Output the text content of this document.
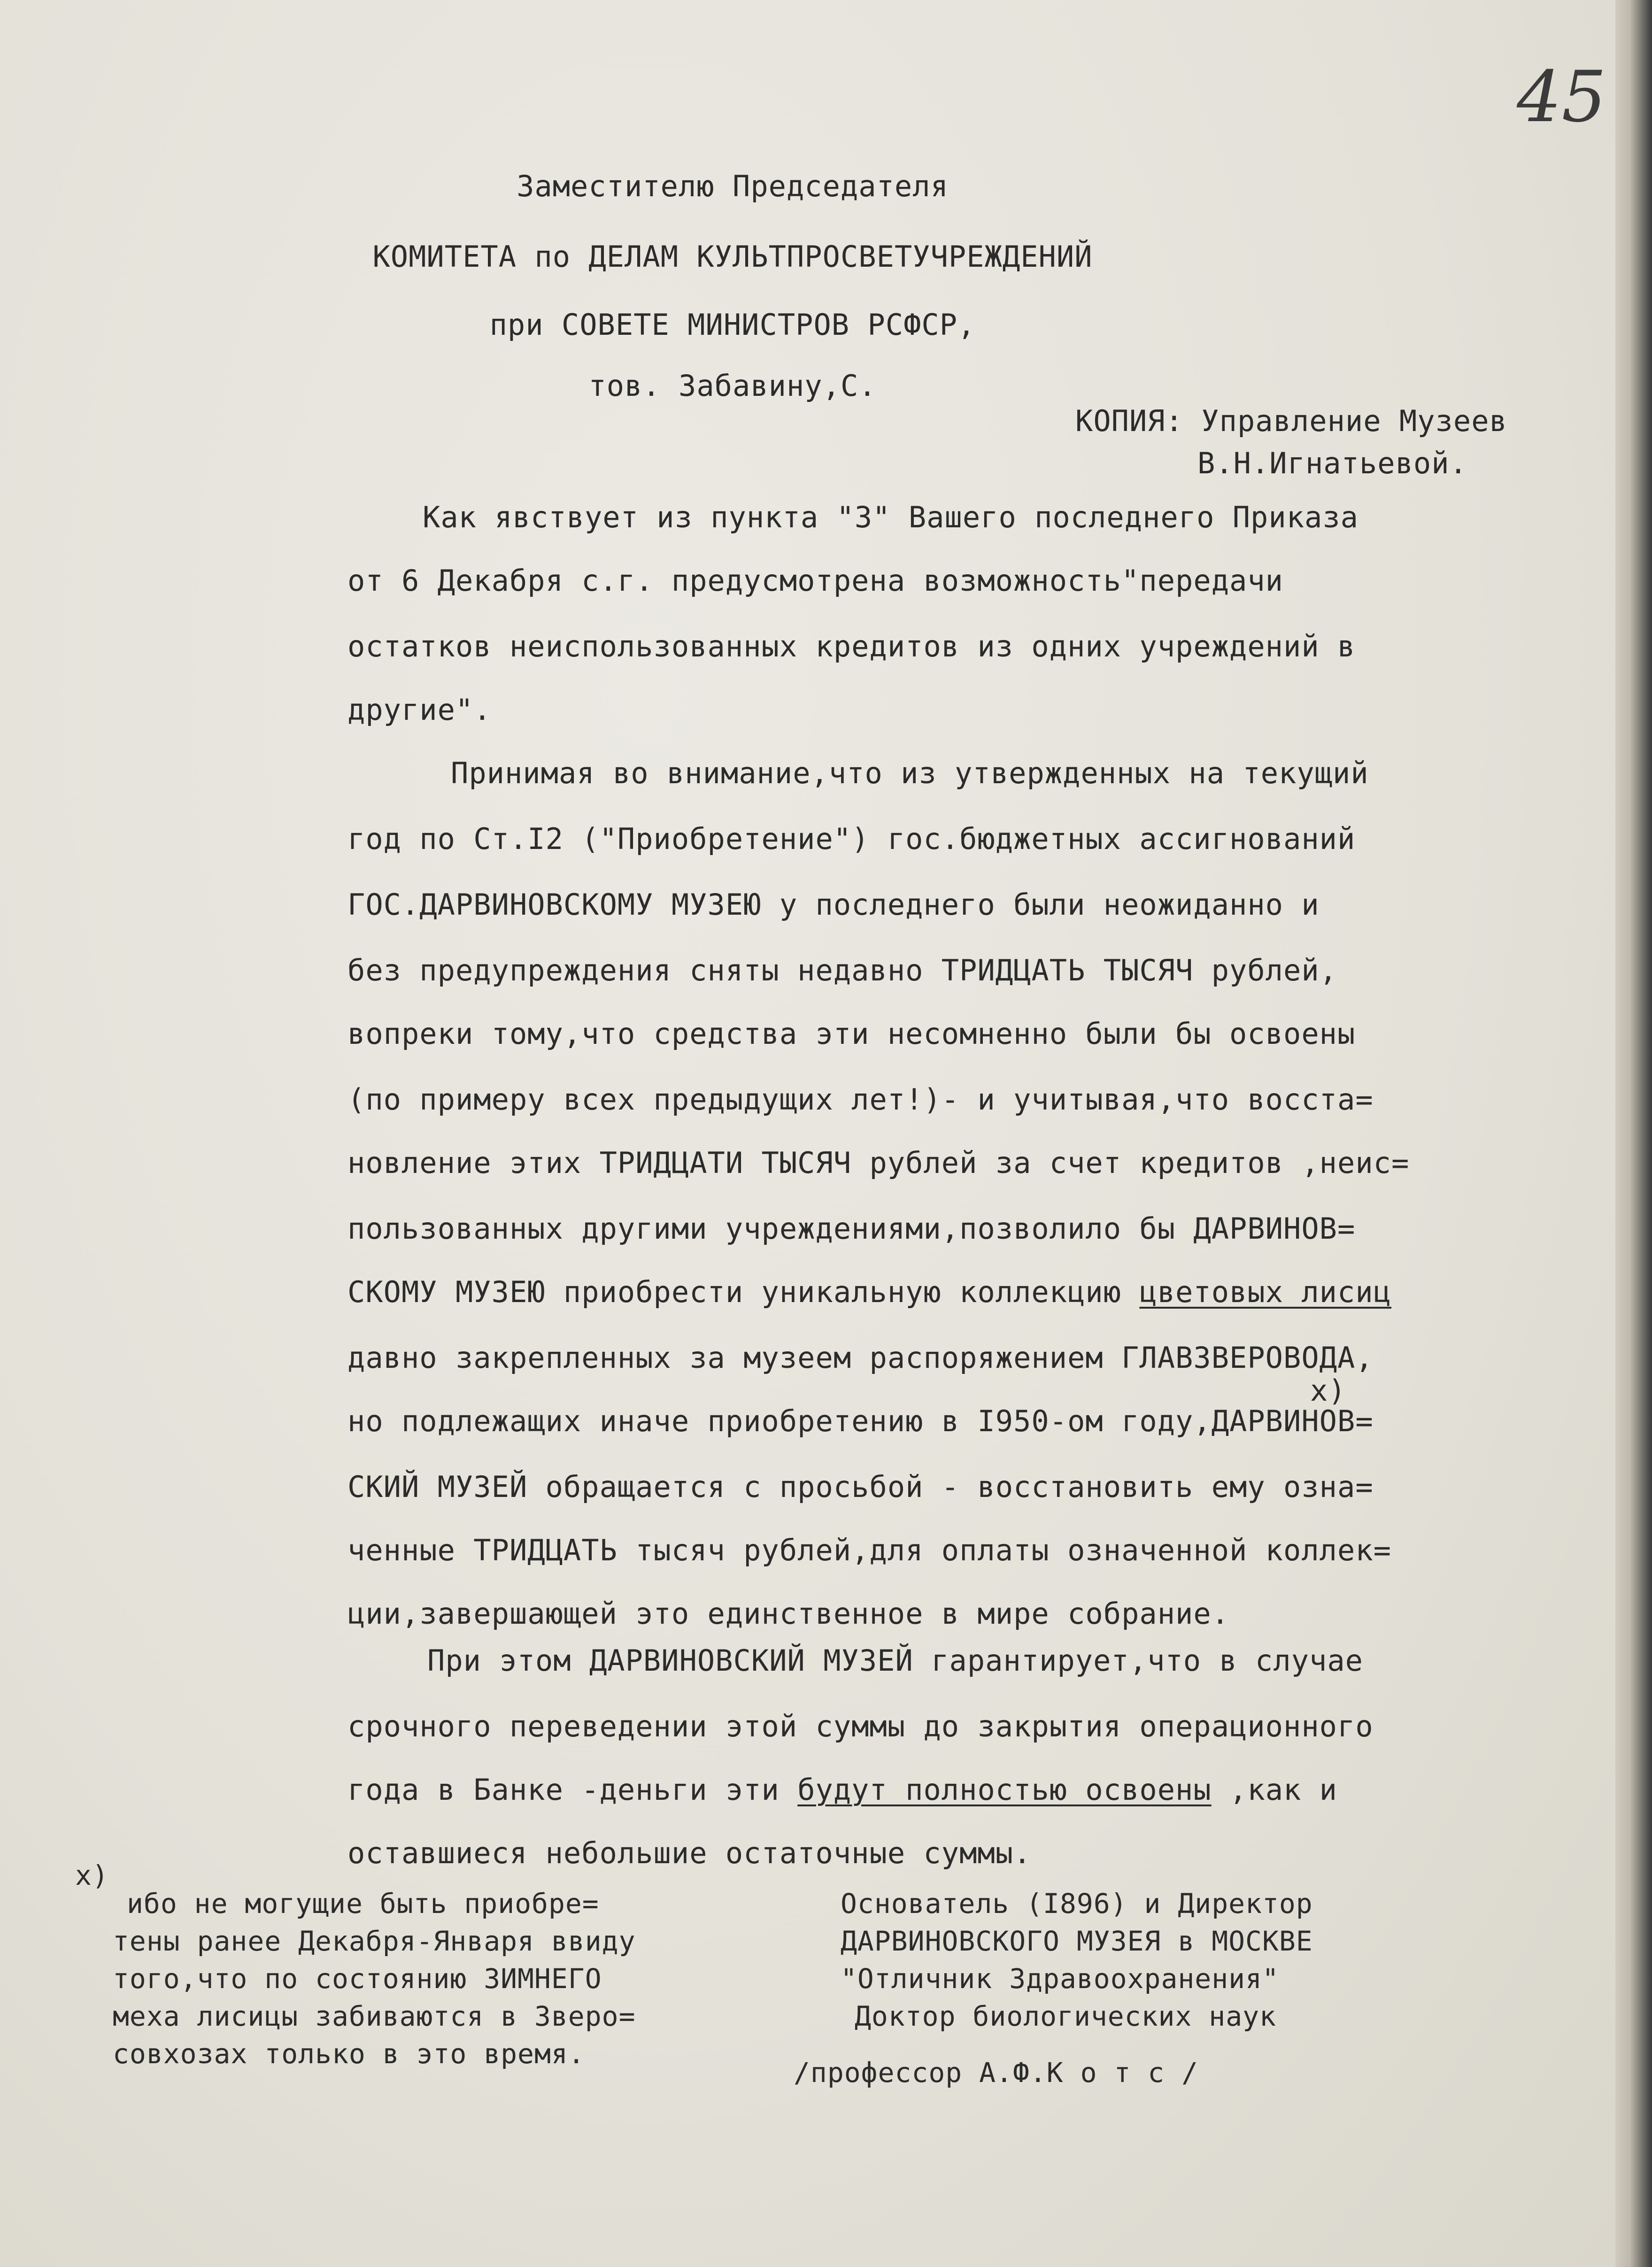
45

Заместителю Председателя

КОМИТЕТА по ДЕЛАМ КУЛЬТПРОСВЕТУЧРЕЖДЕНИЙ

при СОВЕТЕ МИНИСТРОВ РСФСР,

тов. Забавину,С.

КОПИЯ: Управление Музеев

В.Н.Игнатьевой.

Как явствует из пункта "3" Вашего последнего Приказа

от 6 Декабря с.г. предусмотрена возможность"передачи

остатков неиспользованных кредитов из одних учреждений в

другие".

Принимая во внимание,что из утвержденных на текущий

год по Ст.I2 ("Приобретение") гос.бюджетных ассигнований

ГОС.ДАРВИНОВСКОМУ МУЗЕЮ у последнего были неожиданно и

без предупреждения сняты недавно ТРИДЦАТЬ ТЫСЯЧ рублей,

вопреки тому,что средства эти несомненно были бы освоены

(по примеру всех предыдущих лет!)- и учитывая,что восста=

новление этих ТРИДЦАТИ ТЫСЯЧ рублей за счет кредитов ,неис=

пользованных другими учреждениями,позволило бы ДАРВИНОВ=

СКОМУ МУЗЕЮ приобрести уникальную коллекцию цветовых лисиц

давно закрепленных за музеем распоряжением ГЛАВЗВЕРОВОДА,

х)

но подлежащих иначе приобретению в I950-ом году,ДАРВИНОВ=

СКИЙ МУЗЕЙ обращается с просьбой - восстановить ему озна=

ченные ТРИДЦАТЬ тысяч рублей,для оплаты означенной коллек=

ции,завершающей это единственное в мире собрание.

При этом ДАРВИНОВСКИЙ МУЗЕЙ гарантирует,что в случае

срочного переведении этой суммы до закрытия операционного

года в Банке -деньги эти будут полностью освоены ,как и

оставшиеся небольшие остаточные суммы.

х)

ибо не могущие быть приобре=

тены ранее Декабря-Января ввиду

того,что по состоянию ЗИМНЕГО

меха лисицы забиваются в Зверо=

совхозах только в это время.

Основатель (I896) и Директор

ДАРВИНОВСКОГО МУЗЕЯ в МОСКВЕ

"Отличник Здравоохранения"

Доктор биологических наук

/профессор А.Ф.К о т с /
